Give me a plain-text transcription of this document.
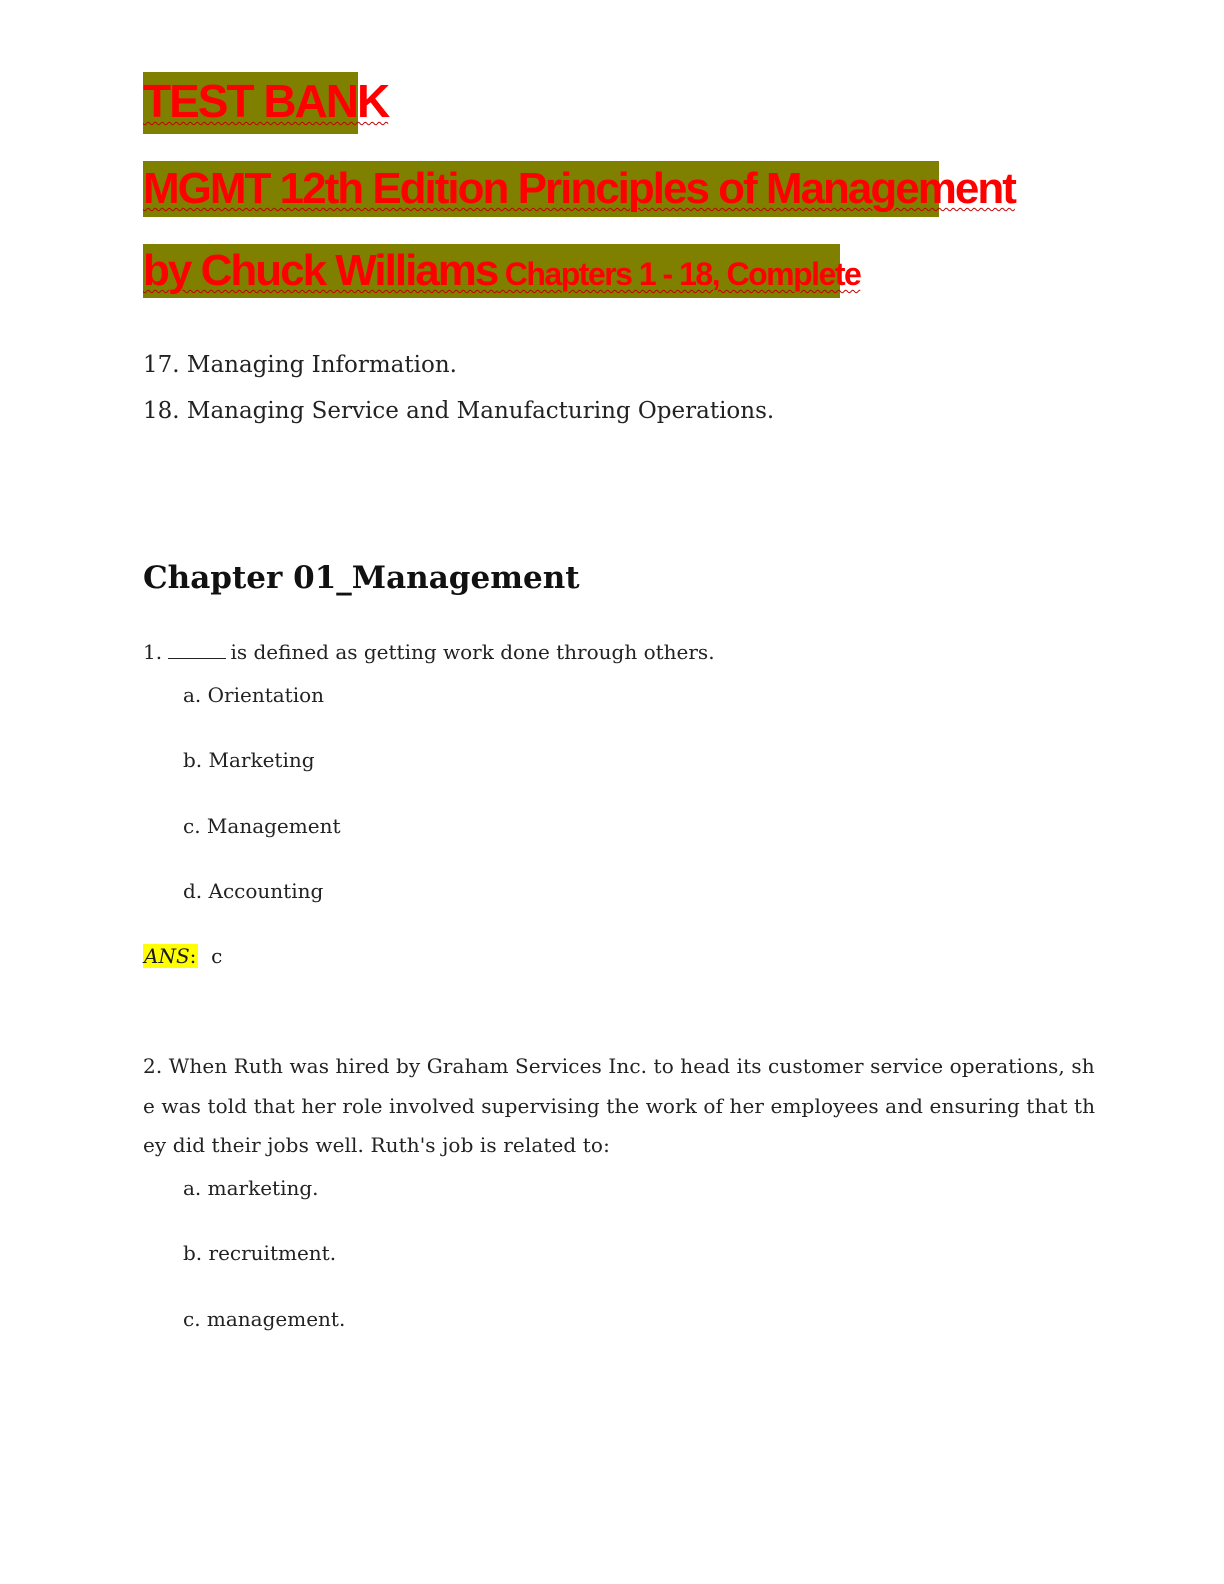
TEST BANK
MGMT 12th Edition Principles of Management
by Chuck Williams Chapters 1 - 18, Complete
17. Managing Information.
18. Managing Service and Manufacturing Operations.
Chapter 01_Management
1.	is defined as getting work done through others.
a. Orientation
b. Marketing
c. Management
d. Accounting
ANS: c
2. When Ruth was hired by Graham Services Inc. to head its customer service operations, sh
e was told that her role involved supervising the work of her employees and ensuring that th
ey did their jobs well. Ruth's job is related to:
a. marketing.
b. recruitment.
c. management.
